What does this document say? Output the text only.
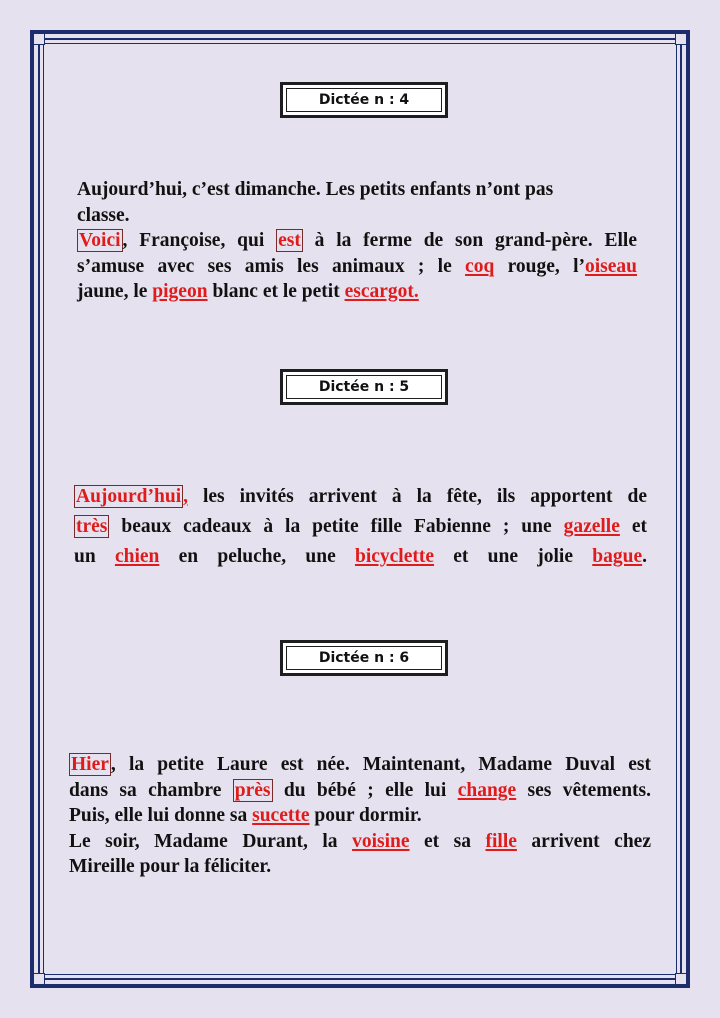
Dictée n : 4

Aujourd’hui, c’est dimanche. Les petits enfants n’ont pas

classe.

Voici , Françoise, qui est à la ferme de son grand-père. Elle

s’amuse avec ses amis les animaux ; le coq rouge, l’oiseau

jaune, le pigeon blanc et le petit escargot.

Dictée n : 5

Aujourd’hui , les invités arrivent à la fête, ils apportent de

très beaux cadeaux à la petite fille Fabienne ; une gazelle et

un chien en peluche, une bicyclette et une jolie bague.

Dictée n : 6

Hier , la petite Laure est née. Maintenant, Madame Duval est

dans sa chambre près du bébé ; elle lui change ses vêtements.

Puis, elle lui donne sa sucette pour dormir.

Le soir, Madame Durant, la voisine et sa fille arrivent chez

Mireille pour la féliciter.
